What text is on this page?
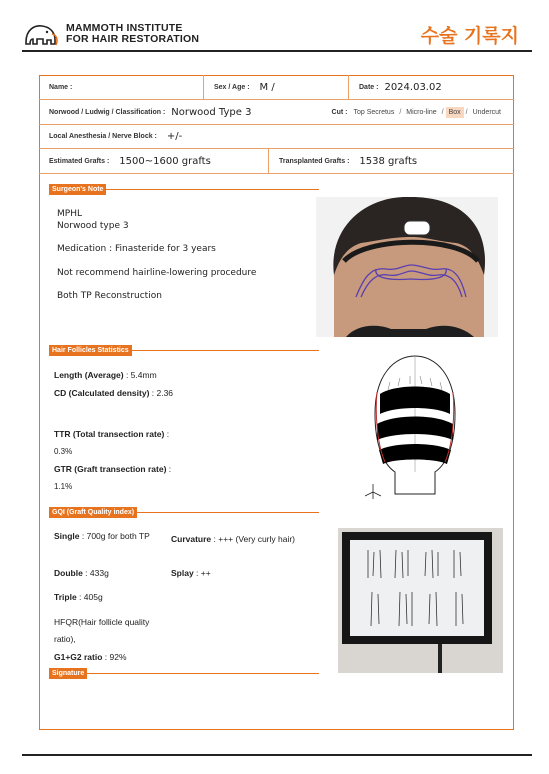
MAMMOTH INSTITUTE
FOR HAIR RESTORATION	수술 기록지
Name :	Sex / Age : M /	Date : 2024.03.02
Norwood / Ludwig / Classification : Norwood Type 3	Cut : Top Secretus / Micro-line / Box / Undercut
Local Anesthesia / Nerve Block : +/-
Estimated Grafts : 1500~1600 grafts	Transplanted Grafts : 1538 grafts
Surgeon's Note
MPHL
Norwood type 3
Medication : Finasteride for 3 years
Not recommend hairline-lowering procedure
Both TP Reconstruction
Hair Follicles Statistics
Length (Average) : 5.4mm
CD (Calculated density) : 2.36
TTR (Total transection rate) :
0.3%
GTR (Graft transection rate) :
1.1%
GQI (Graft Quality index)
Single : 700g for both TP	Curvature : +++ (Very curly hair)
Double : 433g	Splay : ++
Triple : 405g
HFQR(Hair follicle quality
ratio),
G1+G2 ratio : 92%
Signature
